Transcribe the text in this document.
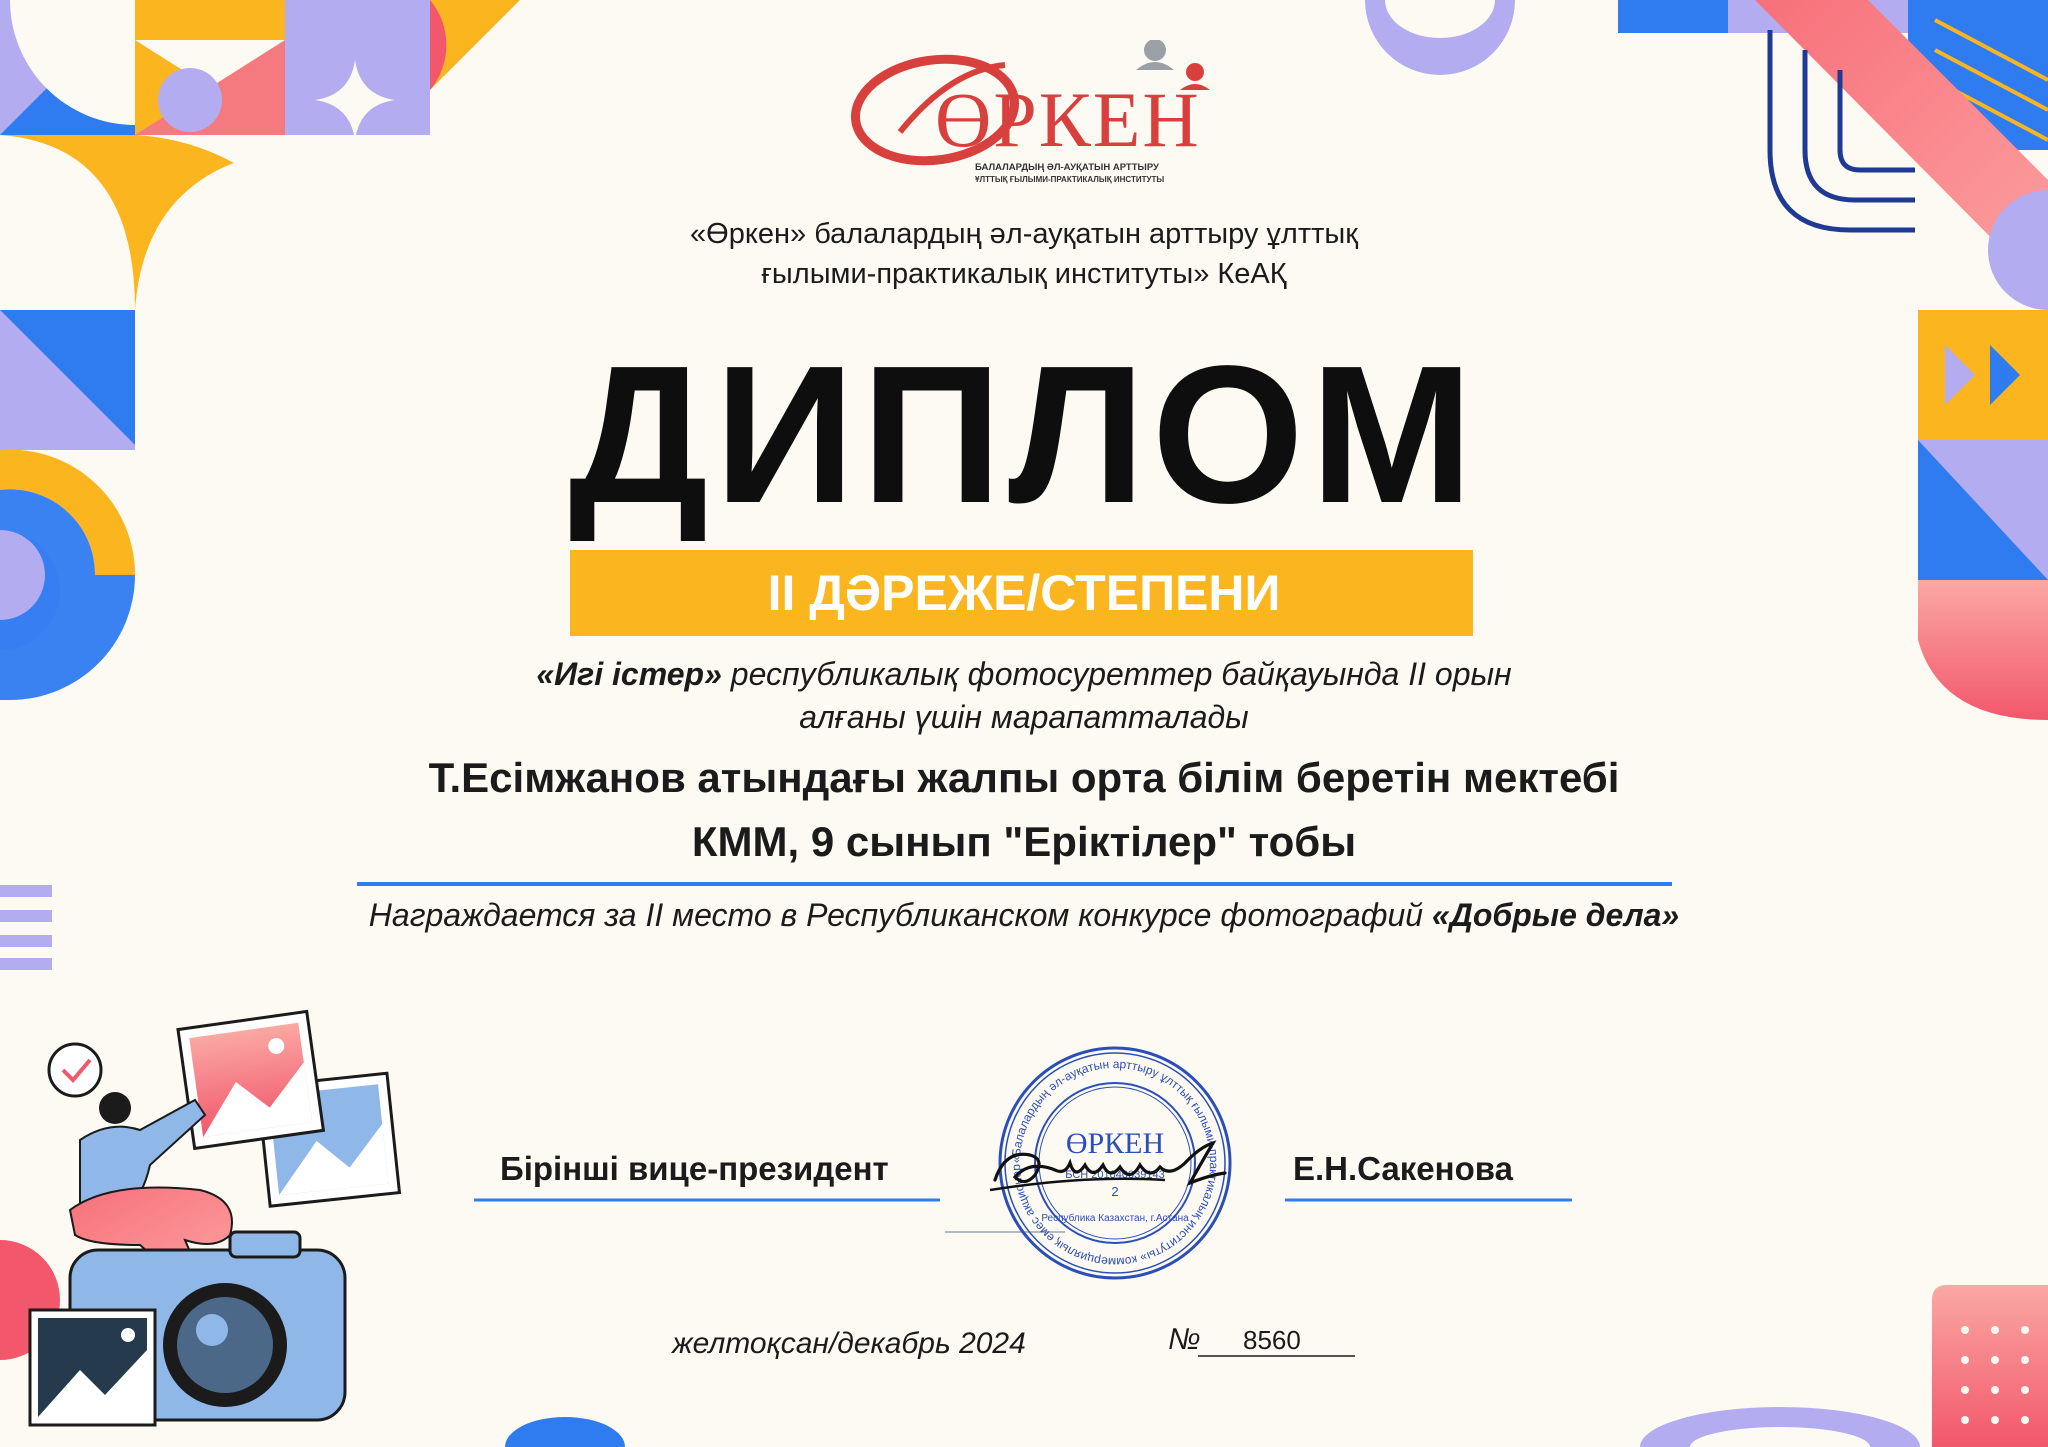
ӨРКЕН
БАЛАЛАРДЫҢ ӘЛ-АУҚАТЫН АРТТЫРУ
ҰЛТТЫҚ ҒЫЛЫМИ-ПРАКТИКАЛЫҚ ИНСТИТУТЫ
«Өркен» балалардың әл-ауқатын арттыру ұлттық
ғылыми-практикалық институты» КеАҚ
ДИПЛОМ
II ДӘРЕЖЕ/СТЕПЕНИ
«Игі істер» республикалық фотосуреттер байқауында II орын
алғаны үшін марапатталады
Т.Есімжанов атындағы жалпы орта білім беретін мектебі
КММ, 9 сынып "Еріктілер" тобы
Награждается за II место в Республиканском конкурсе фотографий «Добрые дела»
Бірінші вице-президент	Е.Н.Сакенова
«Балалардың әл-ауқатын арттыру ұлттық ғылыми-практикалық институты» коммерциялық емес акционер
ӨРКЕН
БСН 201040039143
2
Республика Казахстан, г.Астана
желтоқсан/декабрь 2024	№ 8560
